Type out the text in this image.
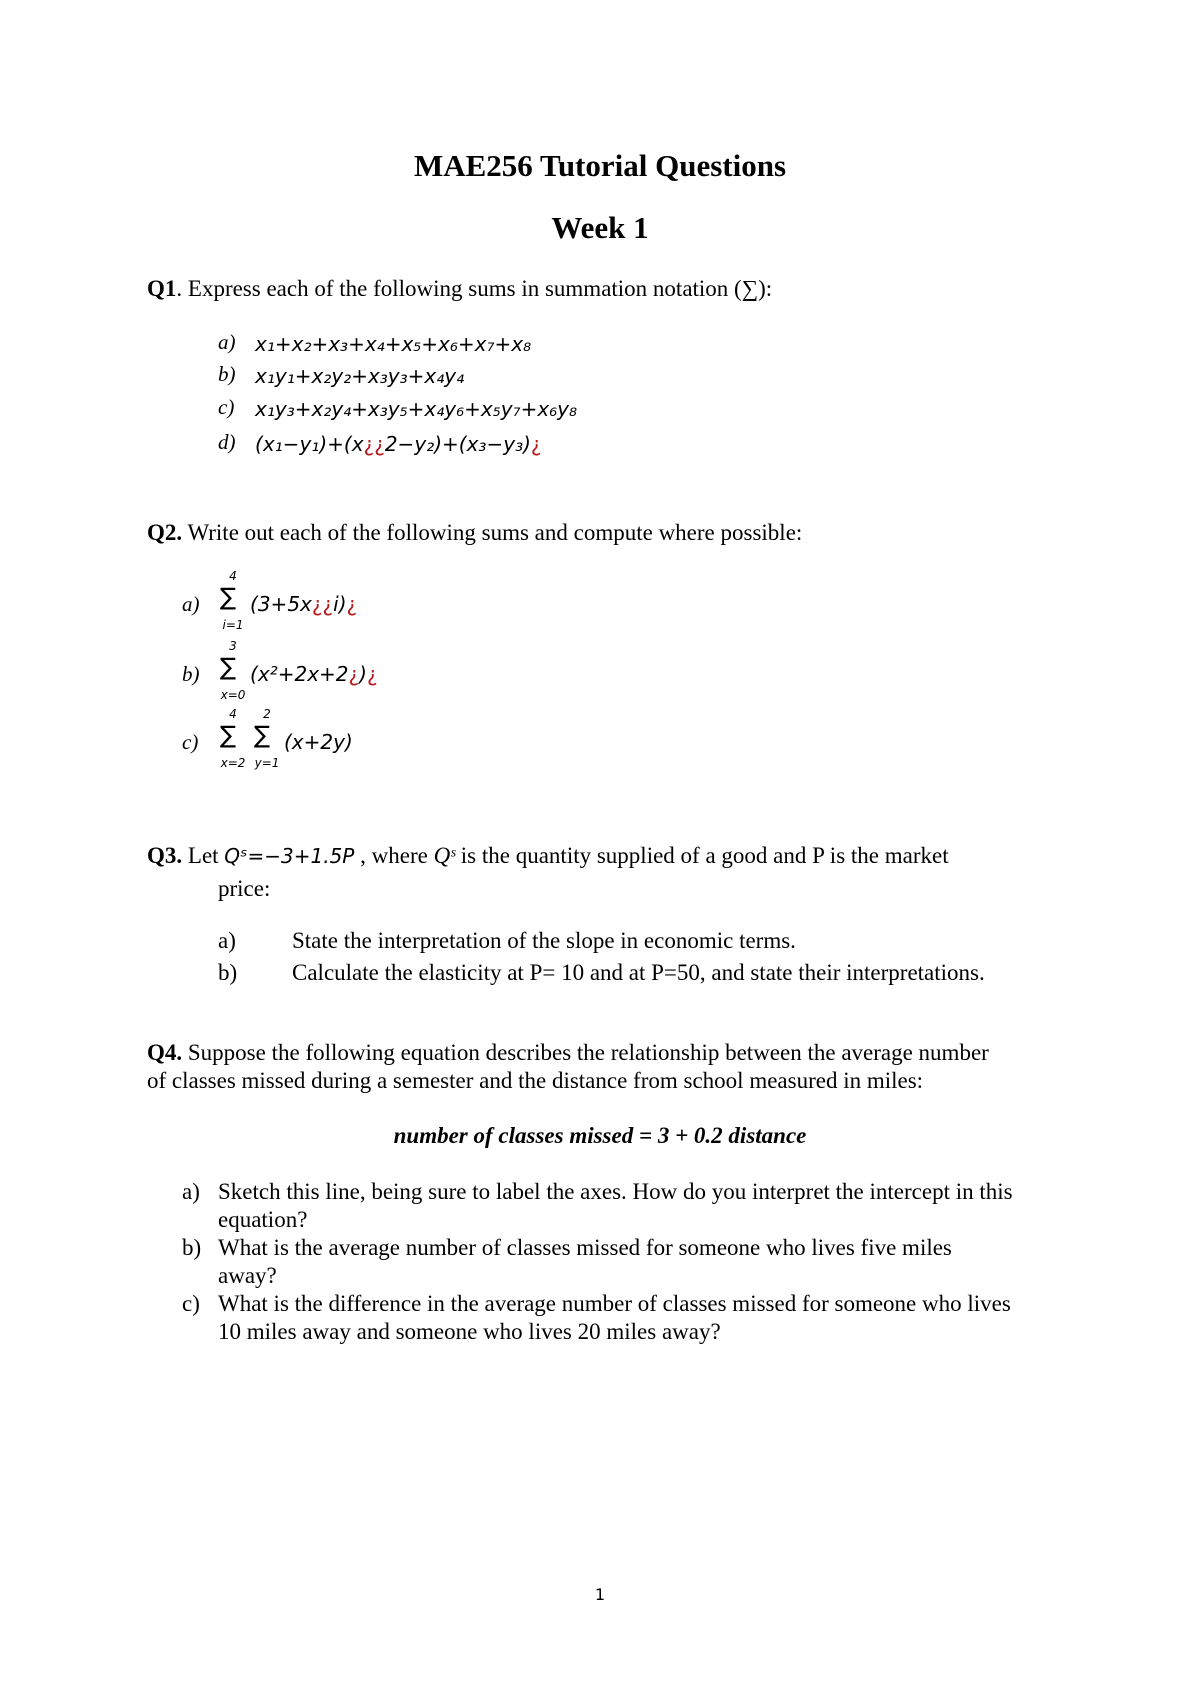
MAE256 Tutorial Questions
Week 1
Q1. Express each of the following sums in summation notation (∑):
a) x₁+x₂+x₃+x₄+x₅+x₆+x₇+x₈
b) x₁y₁+x₂y₂+x₃y₃+x₄y₄
c) x₁y₃+x₂y₄+x₃y₅+x₄y₆+x₅y₇+x₆y₈
d) (x₁−y₁)+(x¿¿2−y₂)+(x₃−y₃)¿
Q2. Write out each of the following sums and compute where possible:
a)
4
∑
i=1
(3+5x¿¿i)¿
b)
3
∑
x=0
(x²+2x+2¿)¿
c)
4
∑
x=2
2
∑
y=1
(x+2y)
Q3. Let Qˢ=−3+1.5P , where Qˢ is the quantity supplied of a good and P is the market
price:
a) State the interpretation of the slope in economic terms.
b) Calculate the elasticity at P= 10 and at P=50, and state their interpretations.
Q4. Suppose the following equation describes the relationship between the average number
of classes missed during a semester and the distance from school measured in miles:
number of classes missed = 3 + 0.2 distance
a) Sketch this line, being sure to label the axes. How do you interpret the intercept in this
equation?
b) What is the average number of classes missed for someone who lives five miles
away?
c) What is the difference in the average number of classes missed for someone who lives
10 miles away and someone who lives 20 miles away?
1
